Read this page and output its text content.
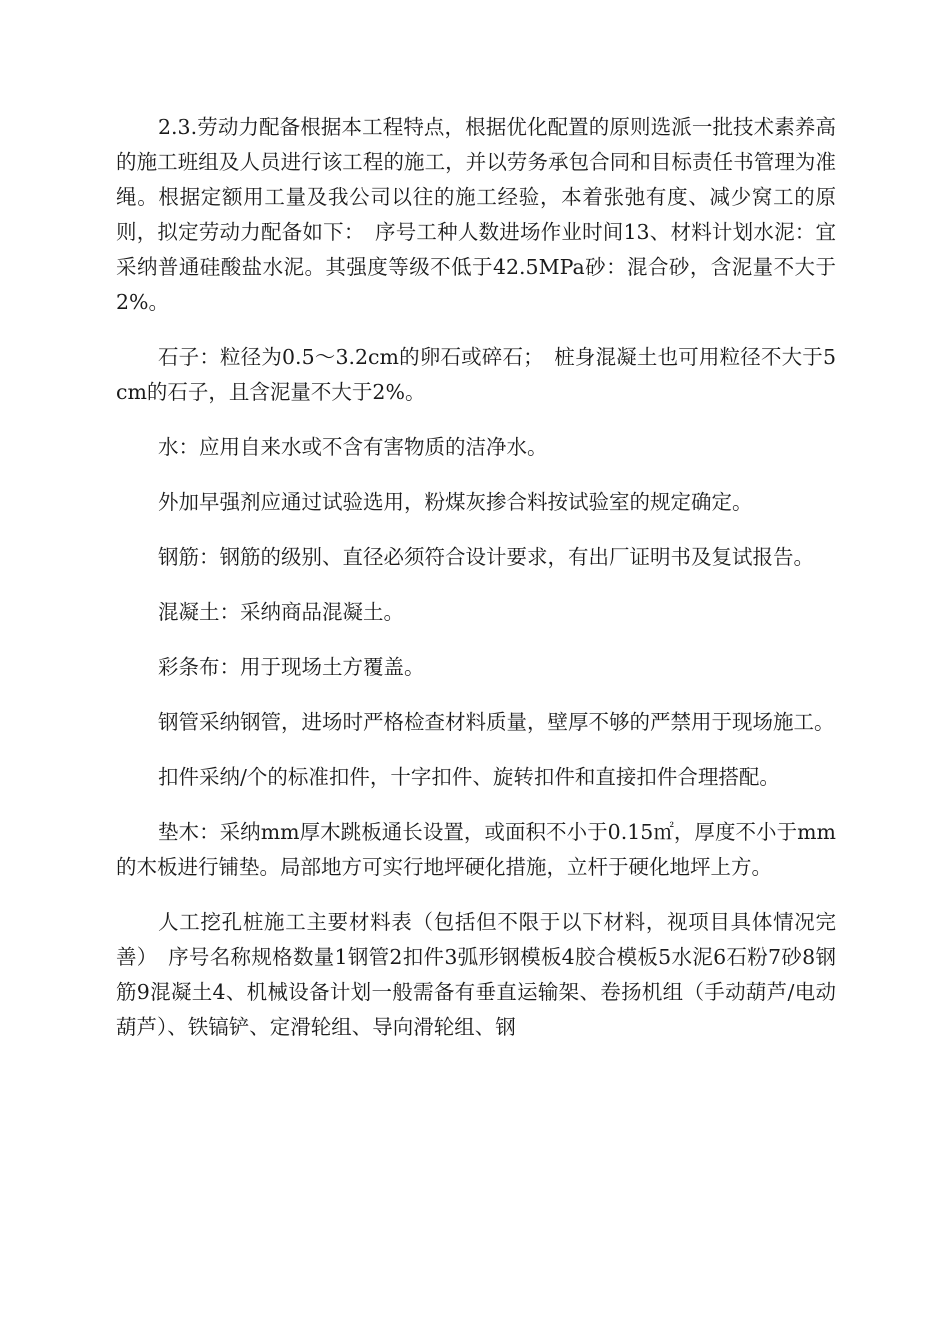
2.3.劳动力配备根据本工程特点，根据优化配置的原则选派一批技术素养高的施工班组及人员进行该工程的施工，并以劳务承包合同和目标责任书管理为准绳。根据定额用工量及我公司以往的施工经验，本着张弛有度、减少窝工的原则，拟定劳动力配备如下：　序号工种人数进场作业时间13、材料计划水泥：宜采纳普通硅酸盐水泥。其强度等级不低于42.5MPa砂：混合砂，含泥量不大于2%。

石子：粒径为0.5～3.2cm的卵石或碎石；　桩身混凝土也可用粒径不大于5cm的石子，且含泥量不大于2%。

水：应用自来水或不含有害物质的洁净水。

外加早强剂应通过试验选用，粉煤灰掺合料按试验室的规定确定。

钢筋：钢筋的级别、直径必须符合设计要求，有出厂证明书及复试报告。

混凝土：采纳商品混凝土。

彩条布：用于现场土方覆盖。

钢管采纳钢管，进场时严格检查材料质量，壁厚不够的严禁用于现场施工。

扣件采纳/个的标准扣件，十字扣件、旋转扣件和直接扣件合理搭配。

垫木：采纳mm厚木跳板通长设置，或面积不小于0.15㎡，厚度不小于mm的木板进行铺垫。局部地方可实行地坪硬化措施，立杆于硬化地坪上方。

人工挖孔桩施工主要材料表（包括但不限于以下材料，视项目具体情况完善）　序号名称规格数量1钢管2扣件3弧形钢模板4胶合模板5水泥6石粉7砂8钢筋9混凝土4、机械设备计划一般需备有垂直运输架、卷扬机组（手动葫芦/电动葫芦）、铁镐铲、定滑轮组、导向滑轮组、钢
